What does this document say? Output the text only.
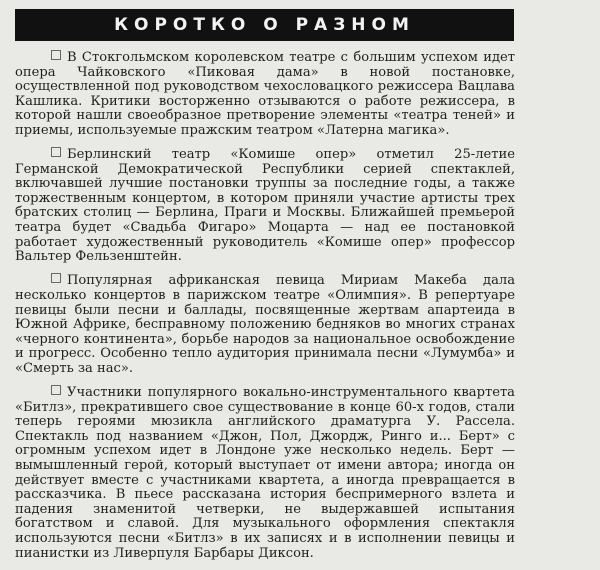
КОРОТКО О РАЗНОМ

В Стокгольмском королевском театре с большим успехом идет опера Чайковского «Пиковая дама» в новой постановке, осуществленной под руководством чехословацкого режиссера Вацлава Кашлика. Критики восторженно отзываются о работе режиссера, в которой нашли своеобразное претворение элементы «театра теней» и приемы, используемые пражским театром «Латерна магика».

Берлинский театр «Комише опер» отметил 25-летие Германской Демократической Республики серией спектаклей, включавшей лучшие постановки труппы за последние годы, а также торжественным концертом, в котором приняли участие артисты трех братских столиц — Берлина, Праги и Москвы. Ближайшей премьерой театра будет «Свадьба Фигаро» Моцарта — над ее постановкой работает художественный руководитель «Комише опер» профессор Вальтер Фельзенштейн.

Популярная африканская певица Мириам Макеба дала несколько концертов в парижском театре «Олимпия». В репертуаре певицы были песни и баллады, посвященные жертвам апартеида в Южной Африке, бесправному положению бедняков во многих странах «черного континента», борьбе народов за национальное освобождение и прогресс. Особенно тепло аудитория принимала песни «Лумумба» и «Смерть за нас».

Участники популярного вокально-инструментального квартета «Битлз», прекратившего свое существование в конце 60-х годов, стали теперь героями мюзикла английского драматурга У. Рассела. Спектакль под названием «Джон, Пол, Джордж, Ринго и... Берт» с огромным успехом идет в Лондоне уже несколько недель. Берт — вымышленный герой, который выступает от имени автора; иногда он действует вместе с участниками квартета, а иногда превращается в рассказчика. В пьесе рассказана история беспримерного взлета и падения знаменитой четверки, не выдержавшей испытания богатством и славой. Для музыкального оформления спектакля используются песни «Битлз» в их записях и в исполнении певицы и пианистки из Ливерпуля Барбары Диксон.
